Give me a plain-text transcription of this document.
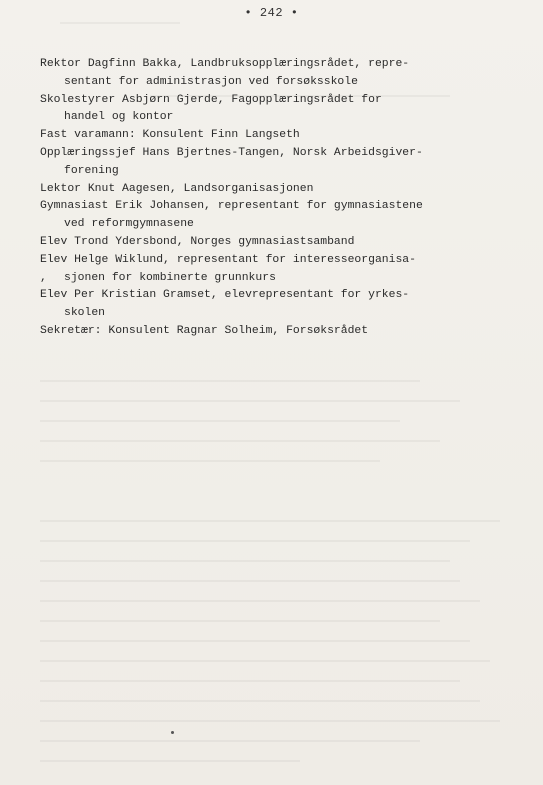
• 242 •
Rektor Dagfinn Bakka, Landbruksopplæringsrådet, repre-
sentant for administrasjon ved forsøksskole
Skolestyrer Asbjørn Gjerde, Fagopplæringsrådet for
handel og kontor
Fast varamann: Konsulent Finn Langseth
Opplæringssjef Hans Bjertnes-Tangen, Norsk Arbeidsgiver-
forening
Lektor Knut Aagesen, Landsorganisasjonen
Gymnasiast Erik Johansen, representant for gymnasiastene
ved reformgymnasene
Elev Trond Ydersbond, Norges gymnasiastsamband
Elev Helge Wiklund, representant for interesseorganisa-
, sjonen for kombinerte grunnkurs
Elev Per Kristian Gramset, elevrepresentant for yrkes-
skolen
Sekretær: Konsulent Ragnar Solheim, Forsøksrådet
